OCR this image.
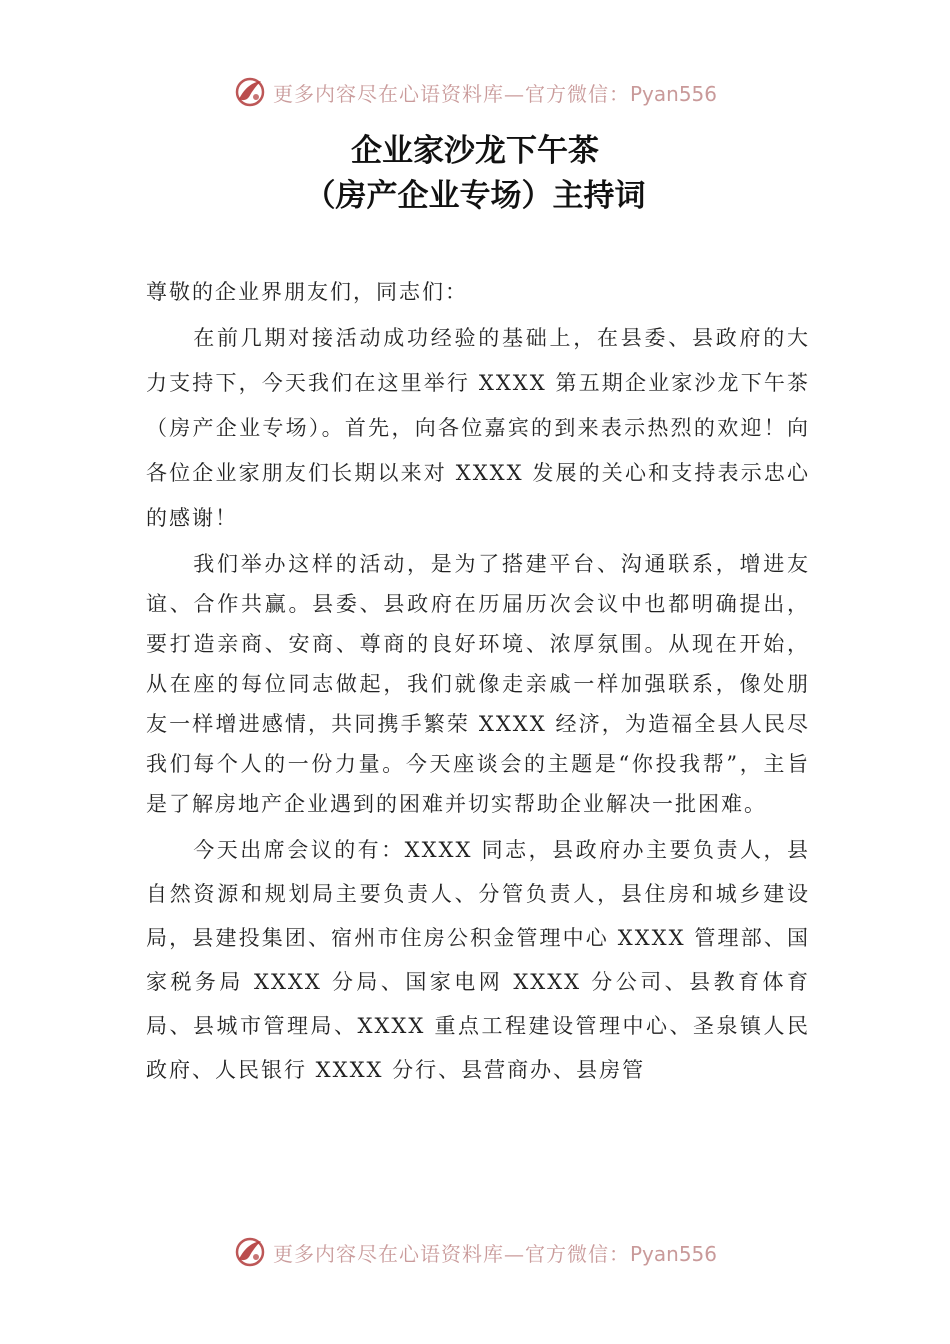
更多内容尽在心语资料库—官方微信：Pyan556
企业家沙龙下午茶
（房产企业专场）主持词

尊敬的企业界朋友们，同志们：

在前几期对接活动成功经验的基础上，在县委、县政府的大力支持下，今天我们在这里举行 XXXX 第五期企业家沙龙下午茶（房产企业专场）。首先，向各位嘉宾的到来表示热烈的欢迎！向各位企业家朋友们长期以来对 XXXX 发展的关心和支持表示忠心的感谢！

我们举办这样的活动，是为了搭建平台、沟通联系，增进友谊、合作共赢。县委、县政府在历届历次会议中也都明确提出，要打造亲商、安商、尊商的良好环境、浓厚氛围。从现在开始，从在座的每位同志做起，我们就像走亲戚一样加强联系，像处朋友一样增进感情，共同携手繁荣 XXXX 经济，为造福全县人民尽我们每个人的一份力量。今天座谈会的主题是“你投我帮”，主旨是了解房地产企业遇到的困难并切实帮助企业解决一批困难。

今天出席会议的有：XXXX 同志，县政府办主要负责人，县自然资源和规划局主要负责人、分管负责人，县住房和城乡建设局，县建投集团、宿州市住房公积金管理中心 XXXX 管理部、国家税务局 XXXX 分局、国家电网 XXXX 分公司、县教育体育局、县城市管理局、XXXX 重点工程建设管理中心、圣泉镇人民政府、人民银行 XXXX 分行、县营商办、县房管

更多内容尽在心语资料库—官方微信：Pyan556
